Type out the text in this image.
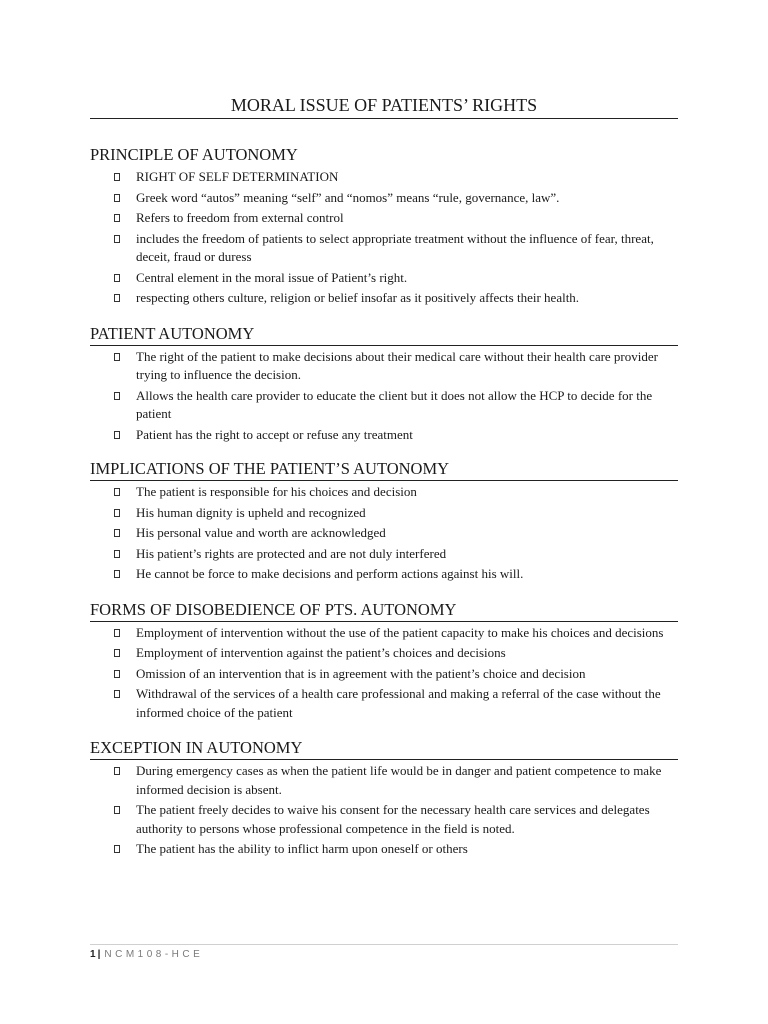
MORAL ISSUE OF PATIENTS’ RIGHTS
PRINCIPLE OF AUTONOMY
RIGHT OF SELF DETERMINATION
Greek word “autos” meaning “self” and “nomos” means “rule, governance, law”.
Refers to freedom from external control
includes the freedom of patients to select appropriate treatment without the influence of fear, threat, deceit, fraud or duress
Central element in the moral issue of Patient’s right.
respecting others culture, religion or belief insofar as it positively affects their health.
PATIENT AUTONOMY
The right of the patient to make decisions about their medical care without their health care provider trying to influence the decision.
Allows the health care provider to educate the client but it does not allow the HCP to decide for the patient
Patient has the right to accept or refuse any treatment
IMPLICATIONS OF THE PATIENT’S AUTONOMY
The patient is responsible for his choices and decision
His human dignity is upheld and recognized
His personal value and worth are acknowledged
His patient’s rights are protected and are not duly interfered
He cannot be force to make decisions and perform actions against his will.
FORMS OF DISOBEDIENCE OF PTS. AUTONOMY
Employment of intervention without the use of the patient capacity to make his choices and decisions
Employment of intervention against the patient’s choices and decisions
Omission of an intervention that is in agreement with the patient’s choice and decision
Withdrawal of the services of a health care professional and making a referral of the case without the informed choice of the patient
EXCEPTION IN AUTONOMY
During emergency cases as when the patient life would be in danger and patient competence to make informed decision is absent.
The patient freely decides to waive his consent for the necessary health care services and delegates authority to persons whose professional competence in the field is noted.
The patient has the ability to inflict harm upon oneself or others
1 | NCM108-HCE
